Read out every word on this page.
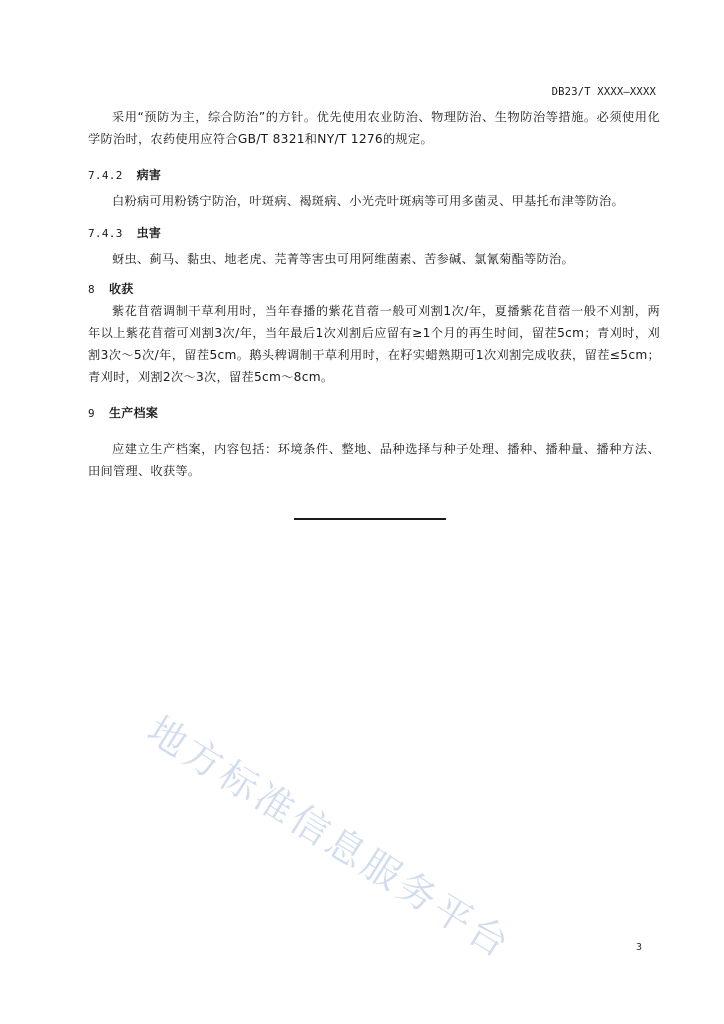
DB23/T XXXX—XXXX

采用“预防为主，综合防治”的方针。优先使用农业防治、物理防治、生物防治等措施。必须使用化学防治时，农药使用应符合GB/T 8321和NY/T 1276的规定。

7.4.2 病害

白粉病可用粉锈宁防治，叶斑病、褐斑病、小光壳叶斑病等可用多菌灵、甲基托布津等防治。

7.4.3 虫害

蚜虫、蓟马、黏虫、地老虎、芫菁等害虫可用阿维菌素、苦参碱、氯氰菊酯等防治。

8 收获

紫花苜蓿调制干草利用时，当年春播的紫花苜蓿一般可刈割1次/年，夏播紫花苜蓿一般不刈割，两年以上紫花苜蓿可刈割3次/年，当年最后1次刈割后应留有≥1个月的再生时间，留茬5cm；青刈时，刈割3次～5次/年，留茬5cm。鹅头稗调制干草利用时，在籽实蜡熟期可1次刈割完成收获，留茬≤5cm；青刈时，刈割2次～3次，留茬5cm～8cm。

9 生产档案

应建立生产档案，内容包括：环境条件、整地、品种选择与种子处理、播种、播种量、播种方法、田间管理、收获等。

地方标准信息服务平台	3
